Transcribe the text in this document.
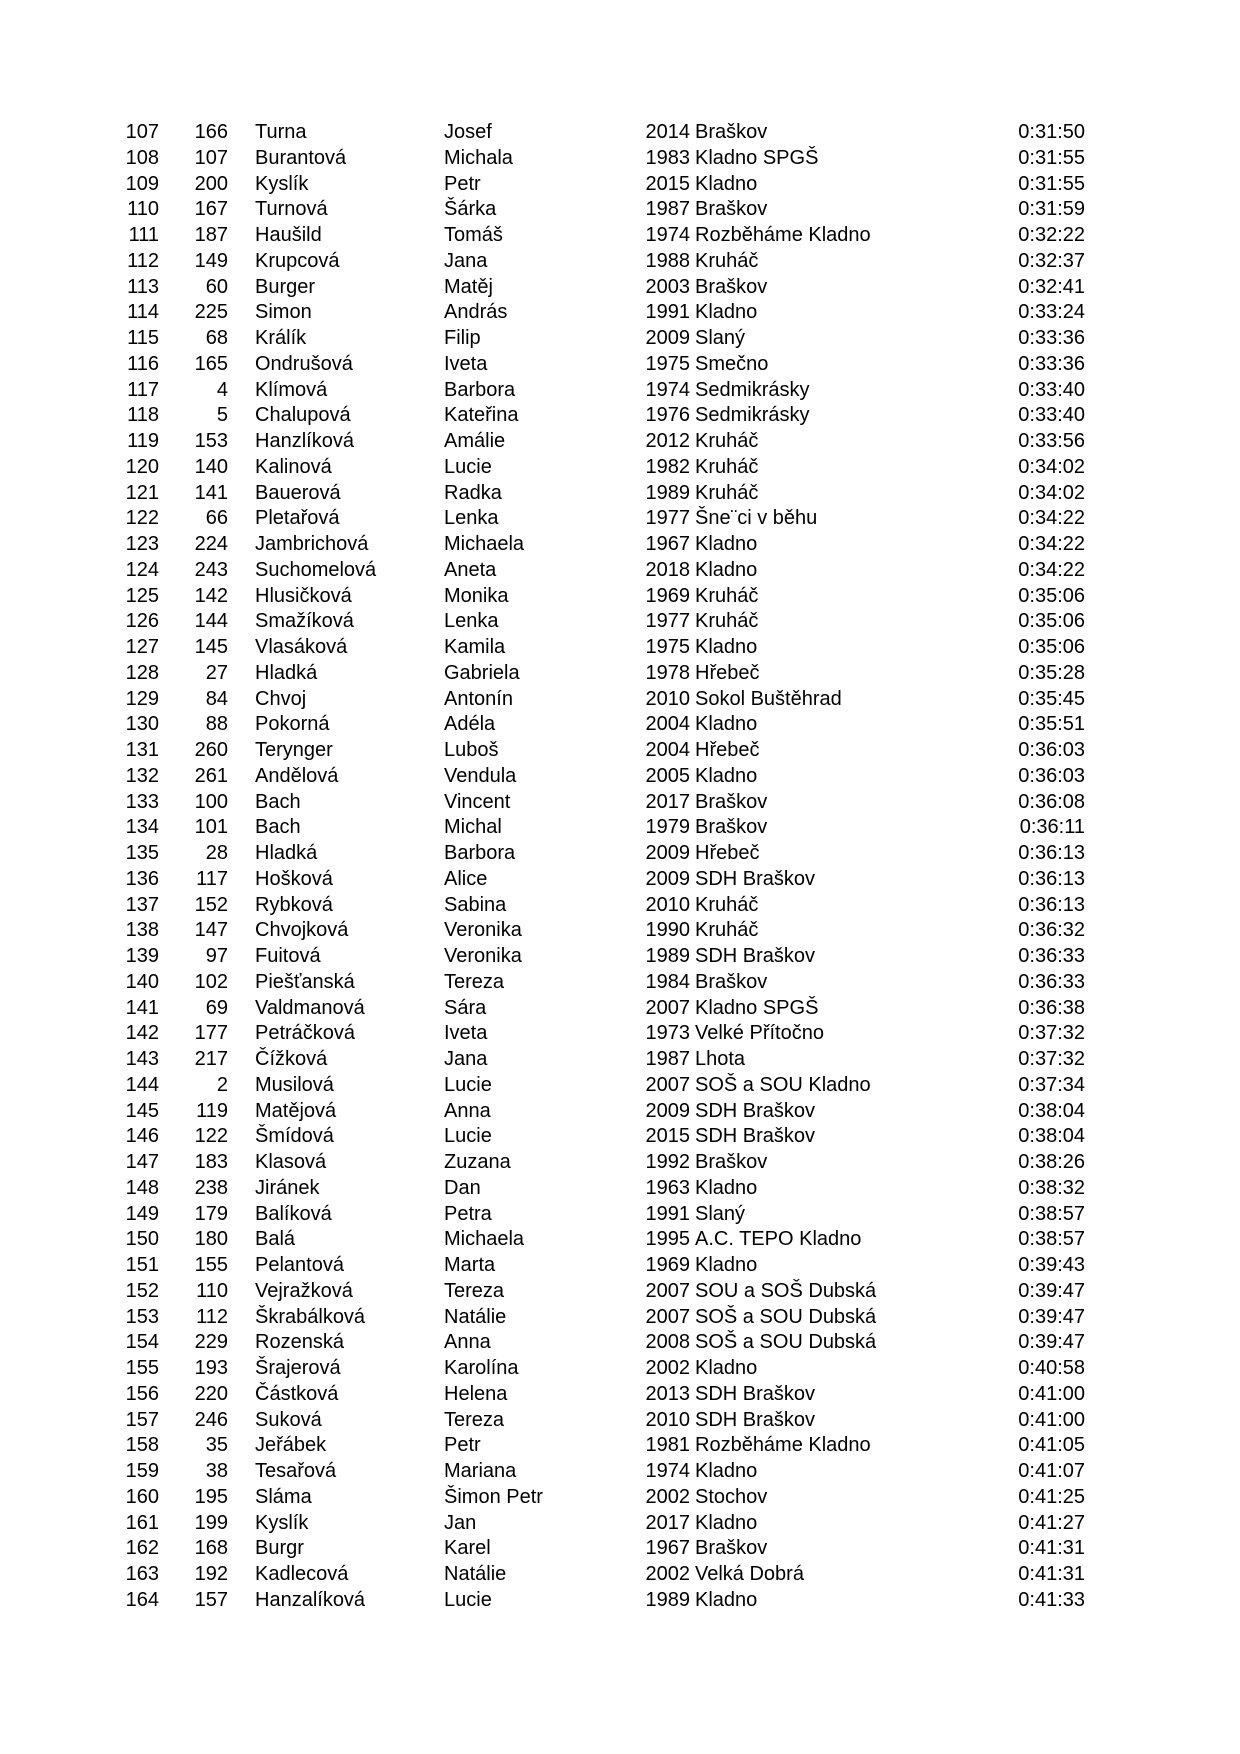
107	166	Turna	Josef	2014	Braškov	0:31:50
108	107	Burantová	Michala	1983	Kladno SPGŠ	0:31:55
109	200	Kyslík	Petr	2015	Kladno	0:31:55
110	167	Turnová	Šárka	1987	Braškov	0:31:59
111	187	Haušild	Tomáš	1974	Rozběháme Kladno	0:32:22
112	149	Krupcová	Jana	1988	Kruháč	0:32:37
113	60	Burger	Matěj	2003	Braškov	0:32:41
114	225	Simon	András	1991	Kladno	0:33:24
115	68	Králík	Filip	2009	Slaný	0:33:36
116	165	Ondrušová	Iveta	1975	Smečno	0:33:36
117	4	Klímová	Barbora	1974	Sedmikrásky	0:33:40
118	5	Chalupová	Kateřina	1976	Sedmikrásky	0:33:40
119	153	Hanzlíková	Amálie	2012	Kruháč	0:33:56
120	140	Kalinová	Lucie	1982	Kruháč	0:34:02
121	141	Bauerová	Radka	1989	Kruháč	0:34:02
122	66	Pletařová	Lenka	1977	Šne¨ci v běhu	0:34:22
123	224	Jambrichová	Michaela	1967	Kladno	0:34:22
124	243	Suchomelová	Aneta	2018	Kladno	0:34:22
125	142	Hlusičková	Monika	1969	Kruháč	0:35:06
126	144	Smažíková	Lenka	1977	Kruháč	0:35:06
127	145	Vlasáková	Kamila	1975	Kladno	0:35:06
128	27	Hladká	Gabriela	1978	Hřebeč	0:35:28
129	84	Chvoj	Antonín	2010	Sokol Buštěhrad	0:35:45
130	88	Pokorná	Adéla	2004	Kladno	0:35:51
131	260	Terynger	Luboš	2004	Hřebeč	0:36:03
132	261	Andělová	Vendula	2005	Kladno	0:36:03
133	100	Bach	Vincent	2017	Braškov	0:36:08
134	101	Bach	Michal	1979	Braškov	0:36:11
135	28	Hladká	Barbora	2009	Hřebeč	0:36:13
136	117	Hošková	Alice	2009	SDH Braškov	0:36:13
137	152	Rybková	Sabina	2010	Kruháč	0:36:13
138	147	Chvojková	Veronika	1990	Kruháč	0:36:32
139	97	Fuitová	Veronika	1989	SDH Braškov	0:36:33
140	102	Piešťanská	Tereza	1984	Braškov	0:36:33
141	69	Valdmanová	Sára	2007	Kladno SPGŠ	0:36:38
142	177	Petráčková	Iveta	1973	Velké Přítočno	0:37:32
143	217	Čížková	Jana	1987	Lhota	0:37:32
144	2	Musilová	Lucie	2007	SOŠ a SOU Kladno	0:37:34
145	119	Matějová	Anna	2009	SDH Braškov	0:38:04
146	122	Šmídová	Lucie	2015	SDH Braškov	0:38:04
147	183	Klasová	Zuzana	1992	Braškov	0:38:26
148	238	Jiránek	Dan	1963	Kladno	0:38:32
149	179	Balíková	Petra	1991	Slaný	0:38:57
150	180	Balá	Michaela	1995	A.C. TEPO Kladno	0:38:57
151	155	Pelantová	Marta	1969	Kladno	0:39:43
152	110	Vejražková	Tereza	2007	SOU a SOŠ Dubská	0:39:47
153	112	Škrabálková	Natálie	2007	SOŠ a SOU Dubská	0:39:47
154	229	Rozenská	Anna	2008	SOŠ a SOU Dubská	0:39:47
155	193	Šrajerová	Karolína	2002	Kladno	0:40:58
156	220	Částková	Helena	2013	SDH Braškov	0:41:00
157	246	Suková	Tereza	2010	SDH Braškov	0:41:00
158	35	Jeřábek	Petr	1981	Rozběháme Kladno	0:41:05
159	38	Tesařová	Mariana	1974	Kladno	0:41:07
160	195	Sláma	Šimon Petr	2002	Stochov	0:41:25
161	199	Kyslík	Jan	2017	Kladno	0:41:27
162	168	Burgr	Karel	1967	Braškov	0:41:31
163	192	Kadlecová	Natálie	2002	Velká Dobrá	0:41:31
164	157	Hanzalíková	Lucie	1989	Kladno	0:41:33
